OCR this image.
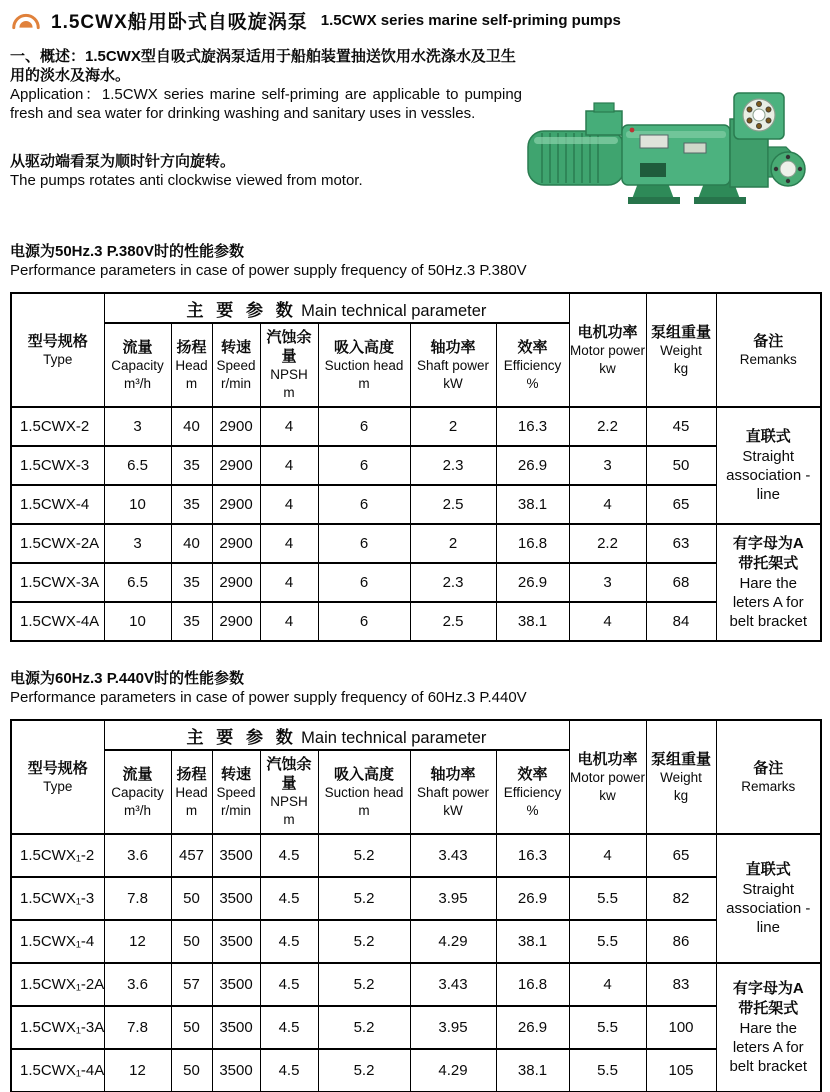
1.5CWX船用卧式自吸旋涡泵 1.5CWX series marine self-priming pumps

一、概述：1.5CWX型自吸式旋涡泵适用于船舶装置抽送饮用水洗涤水及卫生用的淡水及海水。

Application：1.5CWX series marine self-priming are applicable to pumping fresh and sea water for drinking washing and sanitary uses in vessles.

从驱动端看泵为顺时针方向旋转。

The pumps rotates anti clockwise viewed from motor.

电源为50Hz.3 P.380V时的性能参数
Performance parameters in case of power supply frequency of 50Hz.3 P.380V
型号规格
Type	主 要 参 数 Main technical parameter							电机功率
Motor power
kw	泵组重量
Weight
kg	备注
Remanks

	流量
Capacity
m³/h	扬程
Head
m	转速
Speed
r/min	汽蚀余量
NPSH
m	吸入高度
Suction head
m	轴功率
Shaft power
kW	效率
Efficiency
%			

1.5CWX-2	3	40	2900	4	6	2	16.3	2.2	45	直联式
Straight association -line

1.5CWX-3	6.5	35	2900	4	6	2.3	26.9	3	50	
1.5CWX-4	10	35	2900	4	6	2.5	38.1	4	65	
1.5CWX-2A	3	40	2900	4	6	2	16.8	2.2	63	有字母为A
带托架式
Hare the leters A for belt bracket

1.5CWX-3A	6.5	35	2900	4	6	2.3	26.9	3	68	
1.5CWX-4A	10	35	2900	4	6	2.5	38.1	4	84	
电源为60Hz.3 P.440V时的性能参数
Performance parameters in case of power supply frequency of 60Hz.3 P.440V
型号规格
Type	主 要 参 数 Main technical parameter							电机功率
Motor power
kw	泵组重量
Weight
kg	备注
Remarks

	流量
Capacity
m³/h	扬程
Head
m	转速
Speed
r/min	汽蚀余量
NPSH
m	吸入高度
Suction head
m	轴功率
Shaft power
kW	效率
Efficiency
%			

1.5CWX₁-2	3.6	457	3500	4.5	5.2	3.43	16.3	4	65	直联式
Straight association -line

1.5CWX₁-3	7.8	50	3500	4.5	5.2	3.95	26.9	5.5	82	
1.5CWX₁-4	12	50	3500	4.5	5.2	4.29	38.1	5.5	86	
1.5CWX₁-2A	3.6	57	3500	4.5	5.2	3.43	16.8	4	83	有字母为A
带托架式
Hare the leters A for belt bracket

1.5CWX₁-3A	7.8	50	3500	4.5	5.2	3.95	26.9	5.5	100	
1.5CWX₁-4A	12	50	3500	4.5	5.2	4.29	38.1	5.5	105	
